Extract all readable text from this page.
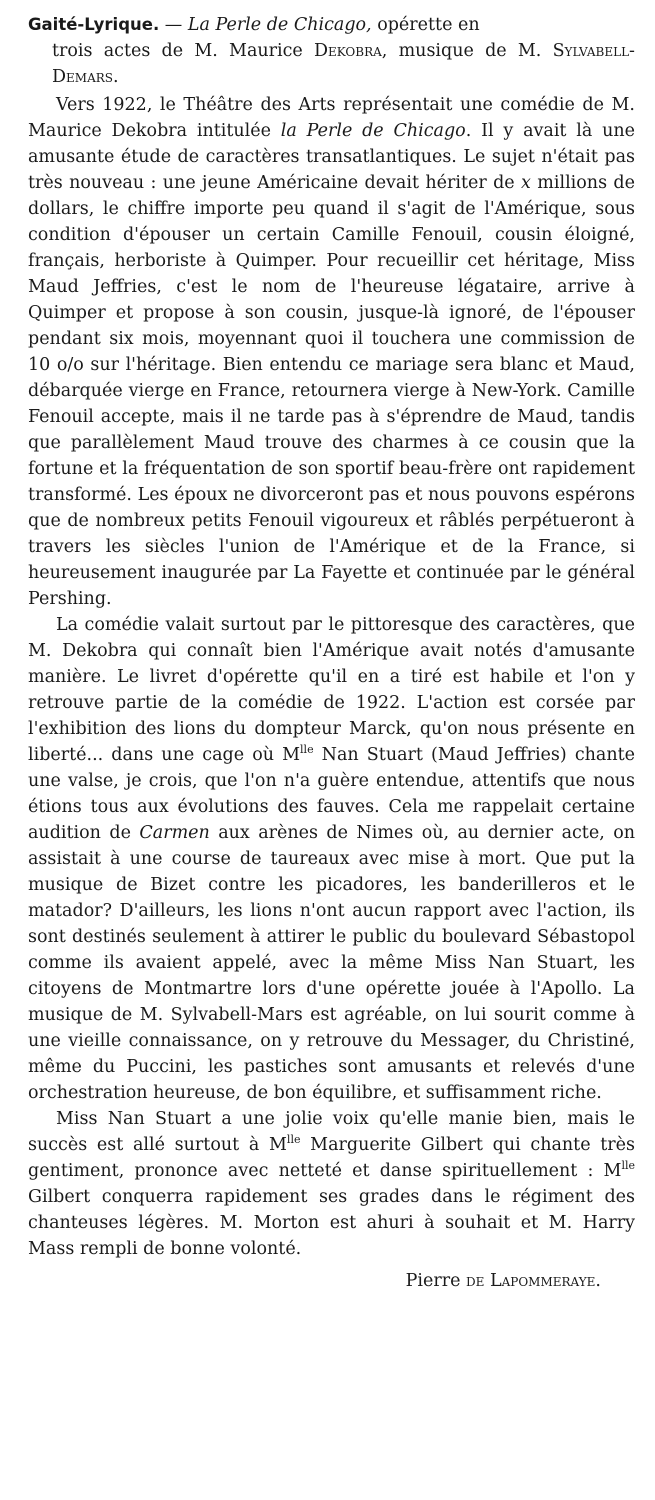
Gaité-Lyrique. — La Perle de Chicago, opérette en
trois actes de M. Maurice Dekobra, musique de M. Sylvabell-Demars.

Vers 1922, le Théâtre des Arts représentait une comédie de M. Maurice Dekobra intitulée la Perle de Chicago. Il y avait là une amusante étude de caractères transatlantiques. Le sujet n'était pas très nouveau : une jeune Américaine devait hériter de x millions de dollars, le chiffre importe peu quand il s'agit de l'Amérique, sous condition d'épouser un certain Camille Fenouil, cousin éloigné, français, herboriste à Quimper. Pour recueillir cet héritage, Miss Maud Jeffries, c'est le nom de l'heureuse légataire, arrive à Quimper et propose à son cousin, jusque-là ignoré, de l'épouser pendant six mois, moyennant quoi il touchera une commission de 10 o/o sur l'héritage. Bien entendu ce mariage sera blanc et Maud, débarquée vierge en France, retournera vierge à New-York. Camille Fenouil accepte, mais il ne tarde pas à s'éprendre de Maud, tandis que parallèlement Maud trouve des charmes à ce cousin que la fortune et la fréquentation de son sportif beau-frère ont rapidement transformé. Les époux ne divorceront pas et nous pouvons espérons que de nombreux petits Fenouil vigoureux et râblés perpétueront à travers les siècles l'union de l'Amérique et de la France, si heureusement inaugurée par La Fayette et continuée par le général Pershing.

La comédie valait surtout par le pittoresque des caractères, que M. Dekobra qui connaît bien l'Amérique avait notés d'amusante manière. Le livret d'opérette qu'il en a tiré est habile et l'on y retrouve partie de la comédie de 1922. L'action est corsée par l'exhibition des lions du dompteur Marck, qu'on nous présente en liberté... dans une cage où $M^{lle}$ Nan Stuart (Maud Jeffries) chante une valse, je crois, que l'on n'a guère entendue, attentifs que nous étions tous aux évolutions des fauves. Cela me rappelait certaine audition de Carmen aux arènes de Nimes où, au dernier acte, on assistait à une course de taureaux avec mise à mort. Que put la musique de Bizet contre les picadores, les banderilleros et le matador? D'ailleurs, les lions n'ont aucun rapport avec l'action, ils sont destinés seulement à attirer le public du boulevard Sébastopol comme ils avaient appelé, avec la même Miss Nan Stuart, les citoyens de Montmartre lors d'une opérette jouée à l'Apollo. La musique de M. Sylvabell-Mars est agréable, on lui sourit comme à une vieille connaissance, on y retrouve du Messager, du Christiné, même du Puccini, les pastiches sont amusants et relevés d'une orchestration heureuse, de bon équilibre, et suffisamment riche.

Miss Nan Stuart a une jolie voix qu'elle manie bien, mais le succès est allé surtout à $M^{lle}$ Marguerite Gilbert qui chante très gentiment, prononce avec netteté et danse spirituellement : $M^{lle}$ Gilbert conquerra rapidement ses grades dans le régiment des chanteuses légères. M. Morton est ahuri à souhait et M. Harry Mass rempli de bonne volonté.

Pierre de Lapommeraye.
